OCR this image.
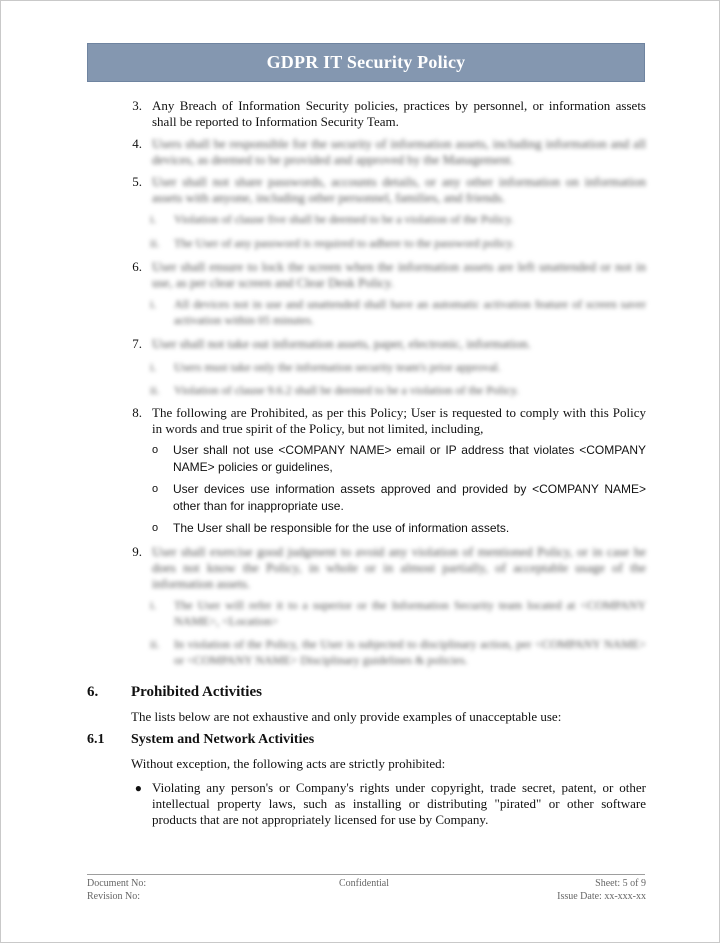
GDPR IT Security Policy
3. Any Breach of Information Security policies, practices by personnel, or information assets shall be reported to Information Security Team.
4. Users shall be responsible for the security of information assets, including information and all devices, as deemed to be provided and approved by the Management.
5. User shall not share passwords, accounts details, or any other information on information assets with anyone, including other personnel, families, and friends.
i.	Violation of clause five shall be deemed to be a violation of the Policy.
ii.	The User of any password is required to adhere to the password policy.
6. User shall ensure to lock the screen when the information assets are left unattended or not in use, as per clear screen and Clear Desk Policy.
i.	All devices not in use and unattended shall have an automatic activation feature of screen saver activation within 05 minutes.
7. User shall not take out information assets, paper, electronic, information.
i.	Users must take only the information security team's prior approval.
ii.	Violation of clause 9.6.2 shall be deemed to be a violation of the Policy.
8. The following are Prohibited, as per this Policy; User is requested to comply with this Policy in words and true spirit of the Policy, but not limited, including,
o	User shall not use <COMPANY NAME> email or IP address that violates <COMPANY NAME> policies or guidelines,
o	User devices use information assets approved and provided by <COMPANY NAME> other than for inappropriate use.
o	The User shall be responsible for the use of information assets.
9. User shall exercise good judgment to avoid any violation of mentioned Policy, or in case he does not know the Policy, in whole or in almost partially, of acceptable usage of the information assets.
i.	The User will refer it to a superior or the Information Security team located at <COMPANY NAME>, <Location>
ii.	In violation of the Policy, the User is subjected to disciplinary action, per <COMPANY NAME> or <COMPANY NAME> Disciplinary guidelines & policies.
6. Prohibited Activities
The lists below are not exhaustive and only provide examples of unacceptable use:
6.1 System and Network Activities
Without exception, the following acts are strictly prohibited:
● Violating any person's or Company's rights under copyright, trade secret, patent, or other intellectual property laws, such as installing or distributing "pirated" or other software products that are not appropriately licensed for use by Company.
Document No:
Revision No:
Confidential	Sheet: 5 of 9
Issue Date: xx-xxx-xx
